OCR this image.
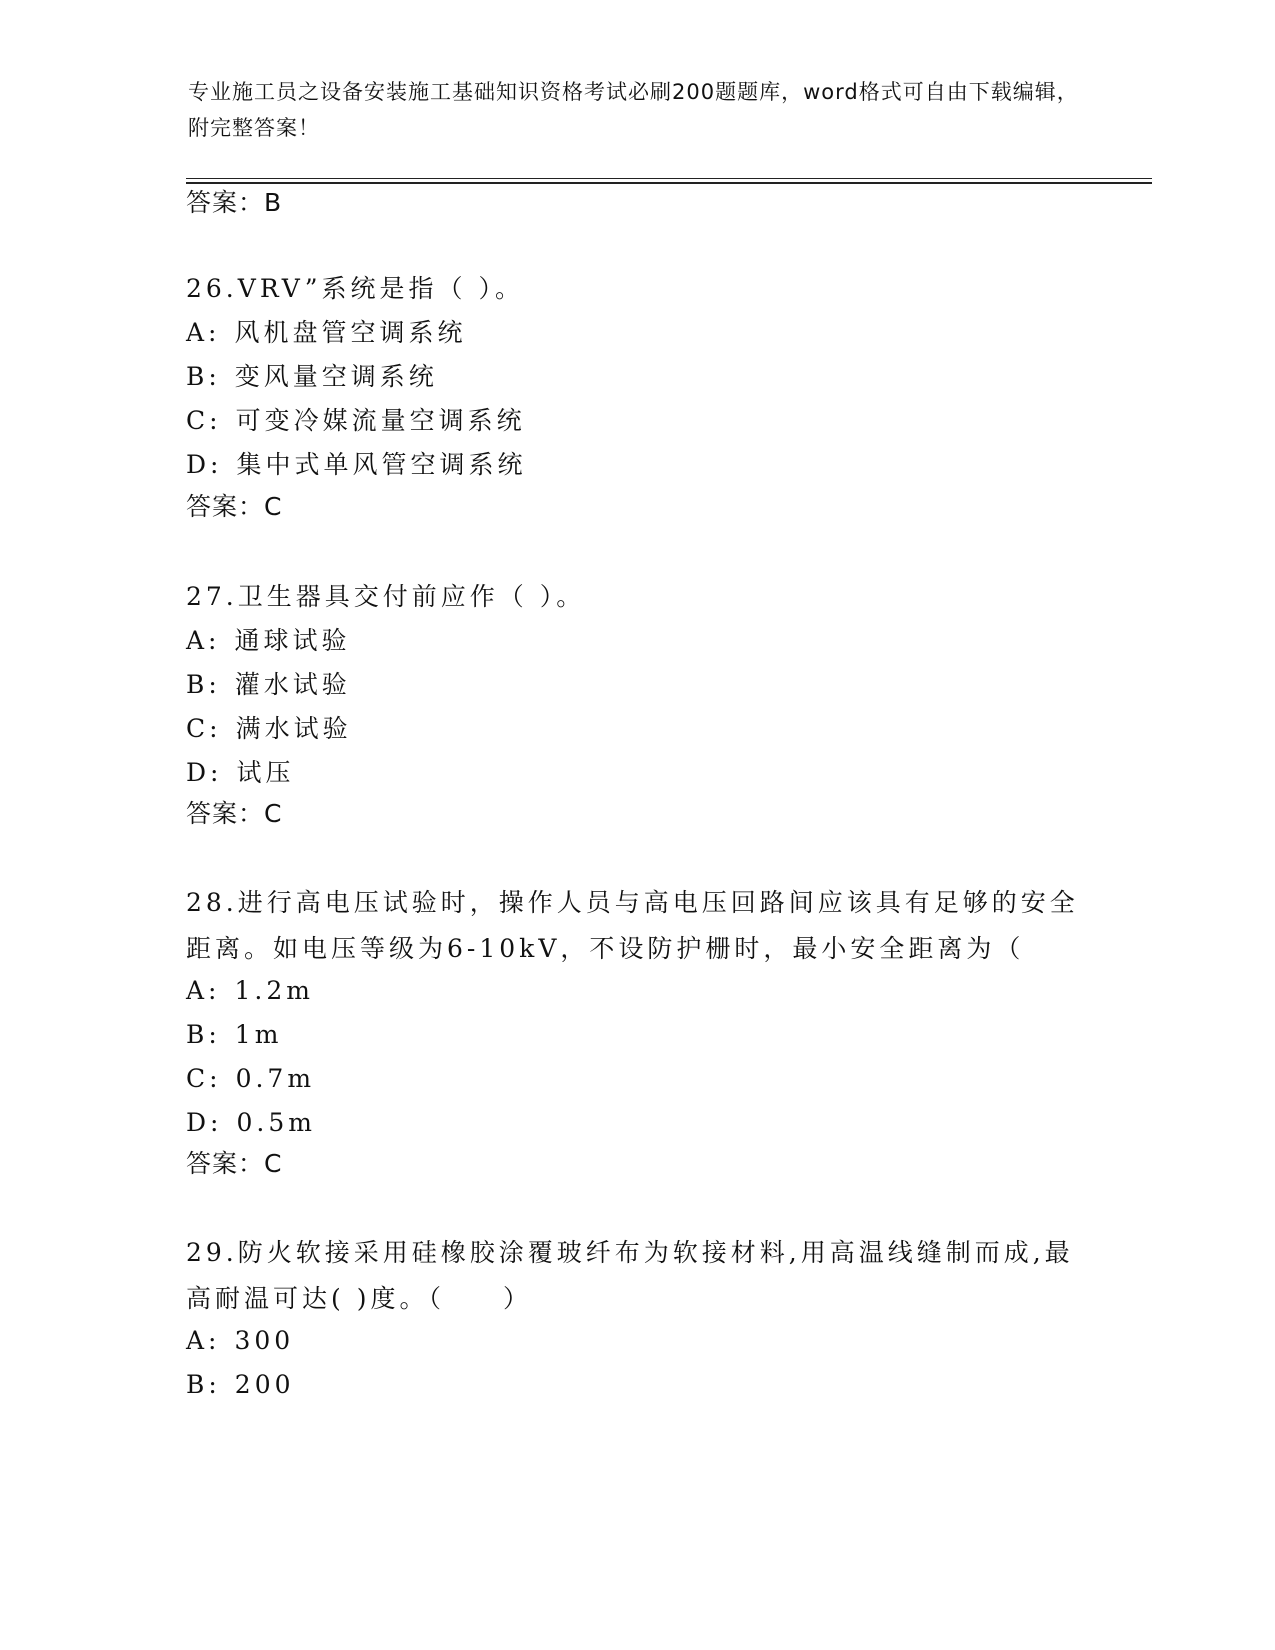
专业施工员之设备安装施工基础知识资格考试必刷200题题库，word格式可自由下载编辑，附完整答案！
答案：B
26.VRV”系统是指（ ）。
A: 风机盘管空调系统
B: 变风量空调系统
C: 可变冷媒流量空调系统
D: 集中式单风管空调系统
答案：C
27.卫生器具交付前应作（ ）。
A: 通球试验
B: 灌水试验
C: 满水试验
D: 试压
答案：C
28.进行高电压试验时，操作人员与高电压回路间应该具有足够的安全距离。如电压等级为6-10kV，不设防护栅时，最小安全距离为（
A: 1.2m
B: 1m
C: 0.7m
D: 0.5m
答案：C
29.防火软接采用硅橡胶涂覆玻纤布为软接材料,用高温线缝制而成,最高耐温可达( )度。（　　）
A: 300
B: 200
